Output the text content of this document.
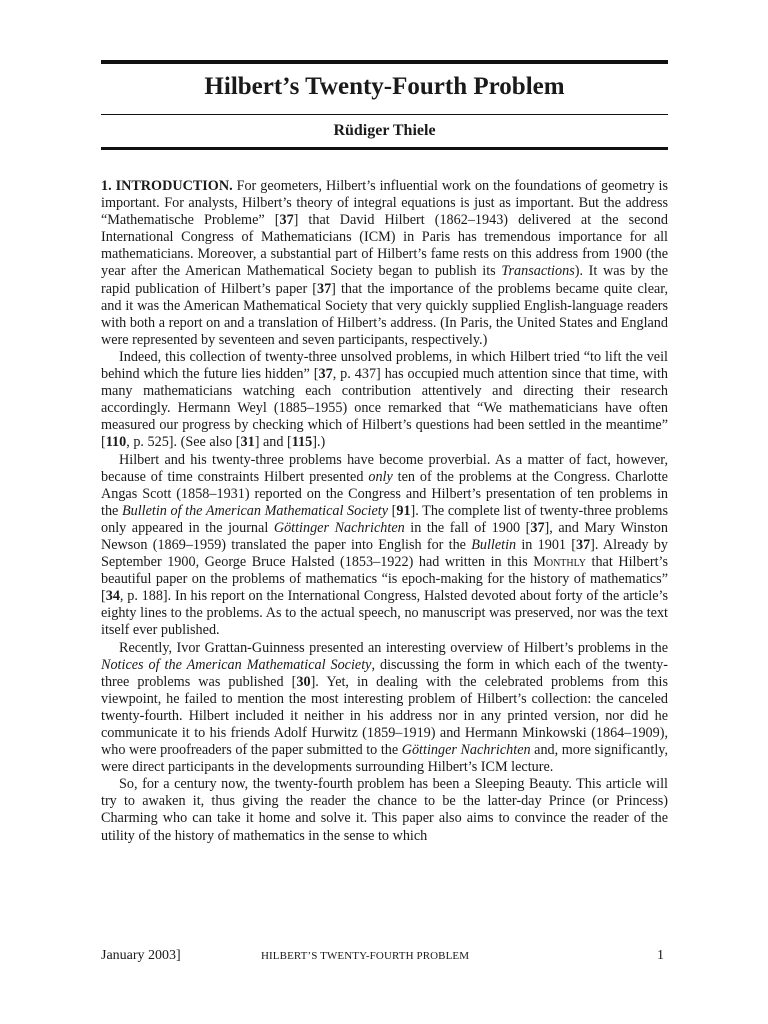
Hilbert’s Twenty-Fourth Problem
Rüdiger Thiele

1. INTRODUCTION. For geometers, Hilbert’s influential work on the foundations of geometry is important. For analysts, Hilbert’s theory of integral equations is just as important. But the address “Mathematische Probleme” [37] that David Hilbert (1862–1943) delivered at the second International Congress of Mathematicians (ICM) in Paris has tremendous importance for all mathematicians. Moreover, a substantial part of Hilbert’s fame rests on this address from 1900 (the year after the American Mathematical Society began to publish its Transactions). It was by the rapid publication of Hilbert’s paper [37] that the importance of the problems became quite clear, and it was the American Mathematical Society that very quickly supplied English-language readers with both a report on and a translation of Hilbert’s address. (In Paris, the United States and England were represented by seventeen and seven participants, respectively.)

Indeed, this collection of twenty-three unsolved problems, in which Hilbert tried “to lift the veil behind which the future lies hidden” [37, p. 437] has occupied much attention since that time, with many mathematicians watching each contribution attentively and directing their research accordingly. Hermann Weyl (1885–1955) once remarked that “We mathematicians have often measured our progress by checking which of Hilbert’s questions had been settled in the meantime” [110, p. 525]. (See also [31] and [115].)

Hilbert and his twenty-three problems have become proverbial. As a matter of fact, however, because of time constraints Hilbert presented only ten of the problems at the Congress. Charlotte Angas Scott (1858–1931) reported on the Congress and Hilbert’s presentation of ten problems in the Bulletin of the American Mathematical Society [91]. The complete list of twenty-three problems only appeared in the journal Göttinger Nachrichten in the fall of 1900 [37], and Mary Winston Newson (1869–1959) translated the paper into English for the Bulletin in 1901 [37]. Already by September 1900, George Bruce Halsted (1853–1922) had written in this Monthly that Hilbert’s beautiful paper on the problems of mathematics “is epoch-making for the history of mathematics” [34, p. 188]. In his report on the International Congress, Halsted devoted about forty of the article’s eighty lines to the problems. As to the actual speech, no manuscript was preserved, nor was the text itself ever published.

Recently, Ivor Grattan-Guinness presented an interesting overview of Hilbert’s problems in the Notices of the American Mathematical Society, discussing the form in which each of the twenty-three problems was published [30]. Yet, in dealing with the celebrated problems from this viewpoint, he failed to mention the most interesting problem of Hilbert’s collection: the canceled twenty-fourth. Hilbert included it neither in his address nor in any printed version, nor did he communicate it to his friends Adolf Hurwitz (1859–1919) and Hermann Minkowski (1864–1909), who were proofreaders of the paper submitted to the Göttinger Nachrichten and, more significantly, were direct participants in the developments surrounding Hilbert’s ICM lecture.

So, for a century now, the twenty-fourth problem has been a Sleeping Beauty. This article will try to awaken it, thus giving the reader the chance to be the latter-day Prince (or Princess) Charming who can take it home and solve it. This paper also aims to convince the reader of the utility of the history of mathematics in the sense to which

January 2003]	HILBERT’S TWENTY-FOURTH PROBLEM	1
